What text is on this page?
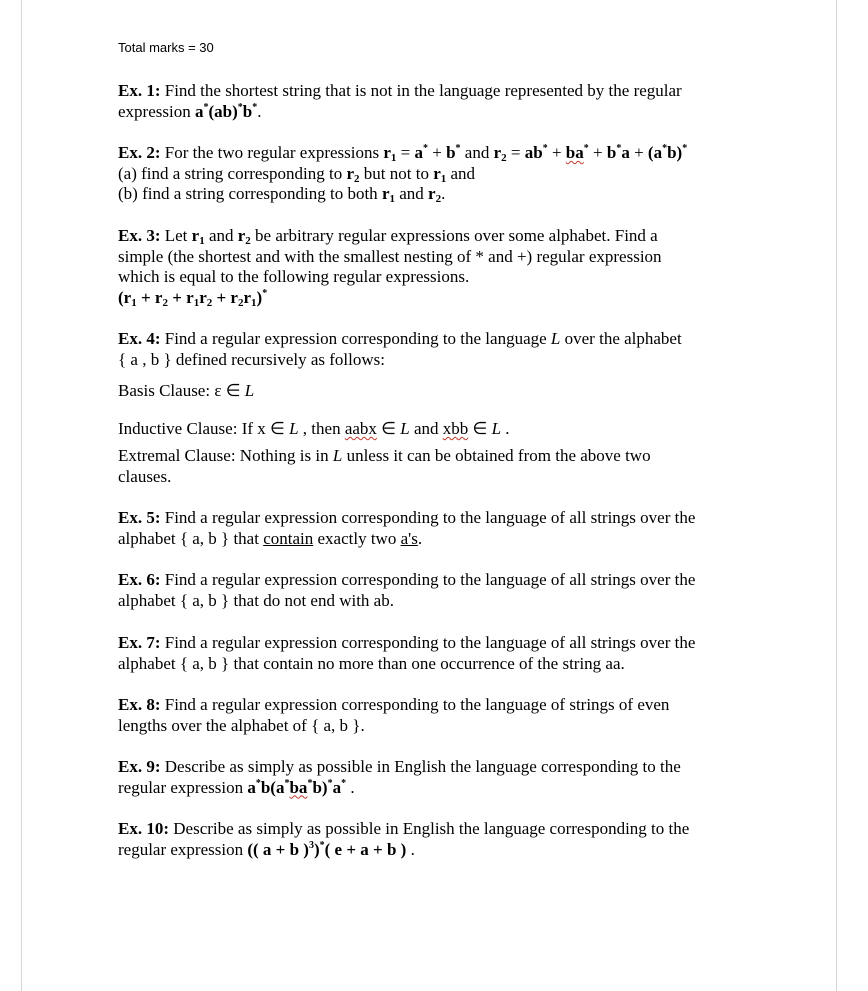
Total marks = 30
Ex. 1: Find the shortest string that is not in the language represented by the regular
expression a*(ab)*b*.
Ex. 2: For the two regular expressions $r_1 = a^* + b^*$ and $r_2 = ab^* + ba^* + b^*a + (a^*b)^*$
(a) find a string corresponding to $r_2$ but not to $r_1$ and
(b) find a string corresponding to both $r_1$ and $r_2$.
Ex. 3: Let $r_1$ and $r_2$ be arbitrary regular expressions over some alphabet. Find a
simple (the shortest and with the smallest nesting of * and +) regular expression
which is equal to the following regular expressions.
$(r_1 + r_2 + r_1r_2 + r_2r_1)^*$
Ex. 4: Find a regular expression corresponding to the language L over the alphabet
{ a , b } defined recursively as follows:
Basis Clause: ε ∈ L
Inductive Clause: If x ∈ L , then aabx ∈ L and xbb ∈ L .
Extremal Clause: Nothing is in L unless it can be obtained from the above two
clauses.
Ex. 5: Find a regular expression corresponding to the language of all strings over the
alphabet { a, b } that contain exactly two a's.
Ex. 6: Find a regular expression corresponding to the language of all strings over the
alphabet { a, b } that do not end with ab.
Ex. 7: Find a regular expression corresponding to the language of all strings over the
alphabet { a, b } that contain no more than one occurrence of the string aa.
Ex. 8: Find a regular expression corresponding to the language of strings of even
lengths over the alphabet of { a, b }.
Ex. 9: Describe as simply as possible in English the language corresponding to the
regular expression a*b(a*ba*b)*a* .
Ex. 10: Describe as simply as possible in English the language corresponding to the
regular expression (( a + b )$^3$)*( e + a + b ) .
